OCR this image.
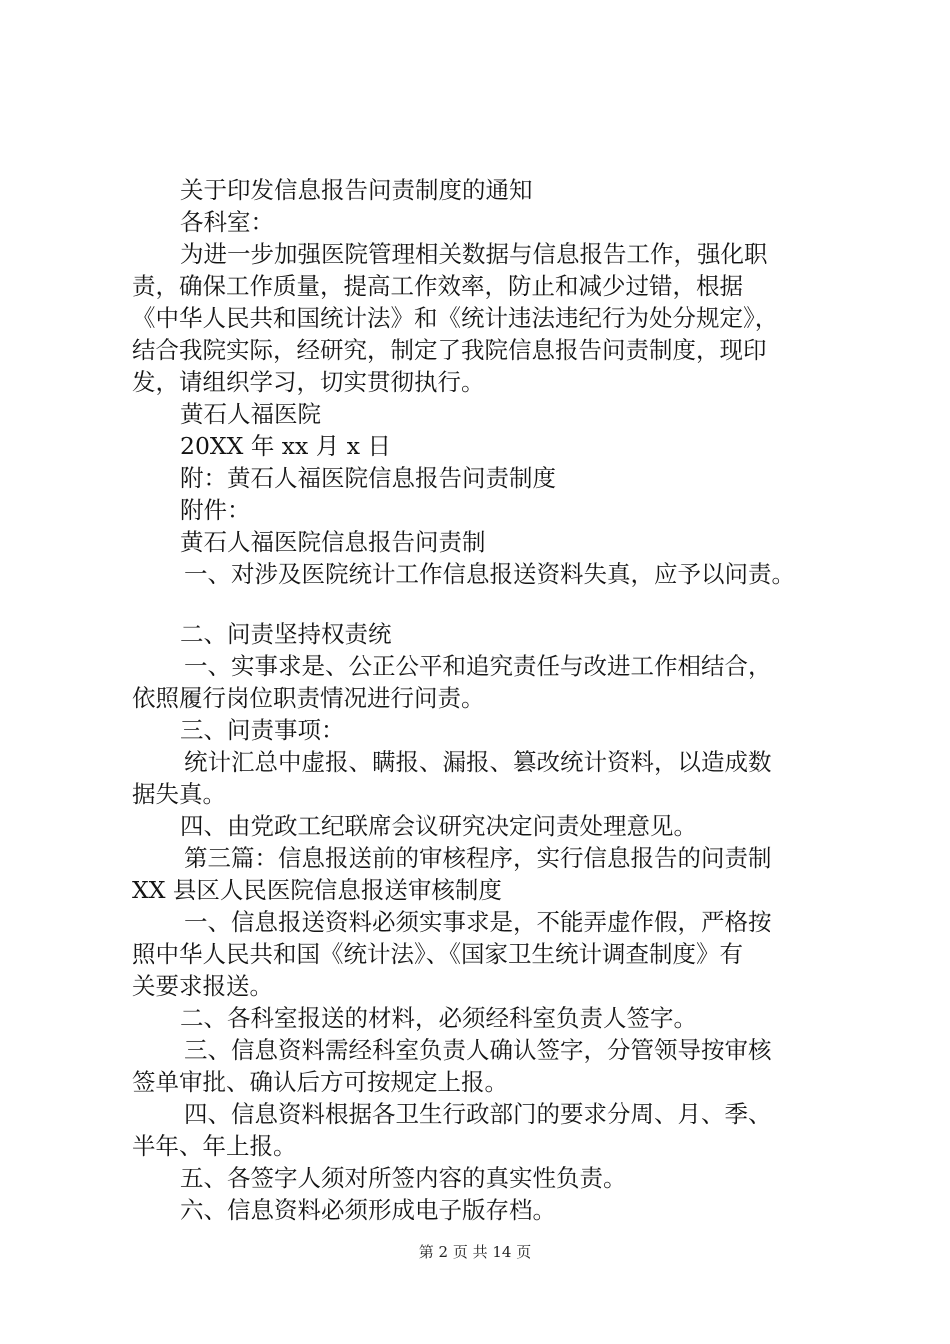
关于印发信息报告问责制度的通知
各科室：
为进一步加强医院管理相关数据与信息报告工作，强化职
责，确保工作质量，提高工作效率，防止和减少过错，根据
《中华人民共和国统计法》和《统计违法违纪行为处分规定》，
结合我院实际，经研究，制定了我院信息报告问责制度，现印
发，请组织学习，切实贯彻执行。
黄石人福医院
20XX 年 xx 月 x 日
附：黄石人福医院信息报告问责制度
附件：
黄石人福医院信息报告问责制
一、对涉及医院统计工作信息报送资料失真，应予以问责。
二、问责坚持权责统
一、实事求是、公正公平和追究责任与改进工作相结合，
依照履行岗位职责情况进行问责。
三、问责事项：
统计汇总中虚报、瞒报、漏报、篡改统计资料，以造成数
据失真。
四、由党政工纪联席会议研究决定问责处理意见。
第三篇：信息报送前的审核程序，实行信息报告的问责制
XX 县区人民医院信息报送审核制度
一、信息报送资料必须实事求是，不能弄虚作假，严格按
照中华人民共和国《统计法》、《国家卫生统计调查制度》有
关要求报送。
二、各科室报送的材料，必须经科室负责人签字。
三、信息资料需经科室负责人确认签字，分管领导按审核
签单审批、确认后方可按规定上报。
四、信息资料根据各卫生行政部门的要求分周、月、季、
半年、年上报。
五、各签字人须对所签内容的真实性负责。
六、信息资料必须形成电子版存档。
第 2 页 共 14 页
